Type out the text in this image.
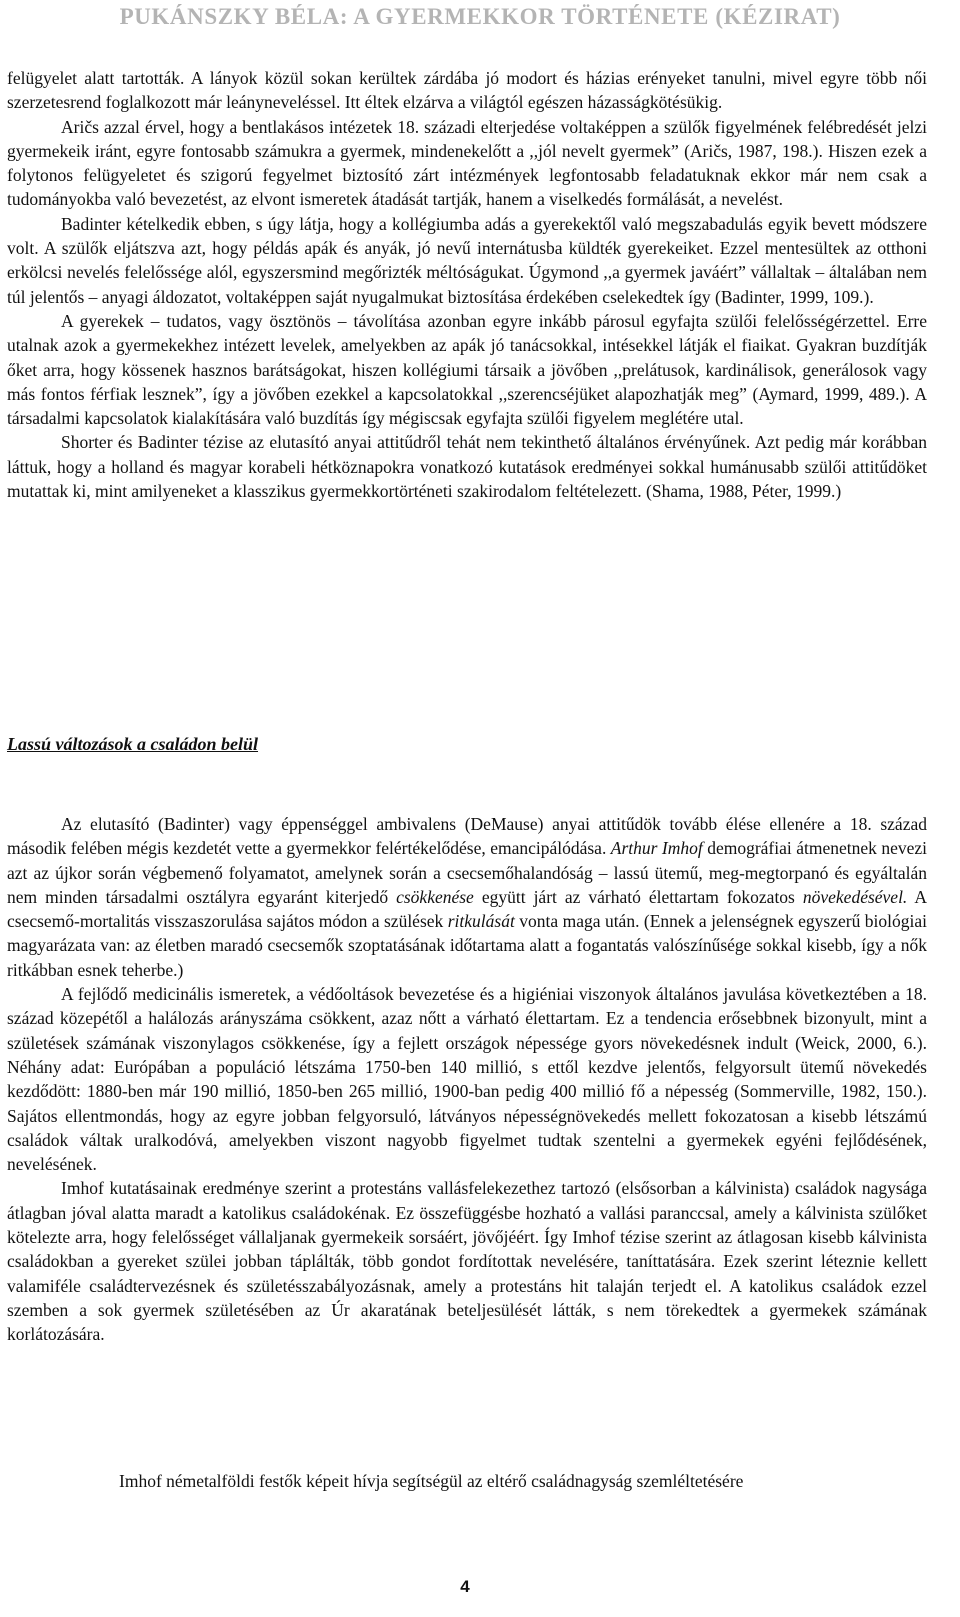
PUKÁNSZKY BÉLA: A GYERMEKKOR TÖRTÉNETE (KÉZIRAT)

felügyelet alatt tartották. A lányok közül sokan kerültek zárdába jó modort és házias erényeket tanulni, mivel egyre több női szerzetesrend foglalkozott már leányneveléssel. Itt éltek elzárva a világtól egészen házasságkötésükig.

Aričs azzal érvel, hogy a bentlakásos intézetek 18. századi elterjedése voltaképpen a szülők figyelmének felébredését jelzi gyermekeik iránt, egyre fontosabb számukra a gyermek, mindenekelőtt a ,,jól nevelt gyermek” (Aričs, 1987, 198.). Hiszen ezek a folytonos felügyeletet és szigorú fegyelmet biztosító zárt intézmények legfontosabb feladatuknak ekkor már nem csak a tudományokba való bevezetést, az elvont ismeretek átadását tartják, hanem a viselkedés formálását, a nevelést.

Badinter kételkedik ebben, s úgy látja, hogy a kollégiumba adás a gyerekektől való megszabadulás egyik bevett módszere volt. A szülők eljátszva azt, hogy példás apák és anyák, jó nevű internátusba küldték gyerekeiket. Ezzel mentesültek az otthoni erkölcsi nevelés felelőssége alól, egyszersmind megőrizték méltóságukat. Úgymond ,,a gyermek javáért” vállaltak – általában nem túl jelentős – anyagi áldozatot, voltaképpen saját nyugalmukat biztosítása érdekében cselekedtek így (Badinter, 1999, 109.).

A gyerekek – tudatos, vagy ösztönös – távolítása azonban egyre inkább párosul egyfajta szülői felelősségérzettel. Erre utalnak azok a gyermekekhez intézett levelek, amelyekben az apák jó tanácsokkal, intésekkel látják el fiaikat. Gyakran buzdítják őket arra, hogy kössenek hasznos barátságokat, hiszen kollégiumi társaik a jövőben ,,prelátusok, kardinálisok, generálosok vagy más fontos férfiak lesznek”, így a jövőben ezekkel a kapcsolatokkal ,,szerencséjüket alapozhatják meg” (Aymard, 1999, 489.). A társadalmi kapcsolatok kialakítására való buzdítás így mégiscsak egyfajta szülői figyelem meglétére utal.

Shorter és Badinter tézise az elutasító anyai attitűdről tehát nem tekinthető általános érvényűnek. Azt pedig már korábban láttuk, hogy a holland és magyar korabeli hétköznapokra vonatkozó kutatások eredményei sokkal humánusabb szülői attitűdöket mutattak ki, mint amilyeneket a klasszikus gyermekkortörténeti szakirodalom feltételezett. (Shama, 1988, Péter, 1999.)

Lassú változások a családon belül

Az elutasító (Badinter) vagy éppenséggel ambivalens (DeMause) anyai attitűdök tovább élése ellenére a 18. század második felében mégis kezdetét vette a gyermekkor felértékelődése, emancipálódása. Arthur Imhof demográfiai átmenetnek nevezi azt az újkor során végbemenő folyamatot, amelynek során a csecsemőhalandóság – lassú ütemű, meg-megtorpanó és egyáltalán nem minden társadalmi osztályra egyaránt kiterjedő csökkenése együtt járt az várható élettartam fokozatos növekedésével. A csecsemő-mortalitás visszaszorulása sajátos módon a szülések ritkulását vonta maga után. (Ennek a jelenségnek egyszerű biológiai magyarázata van: az életben maradó csecsemők szoptatásának időtartama alatt a fogantatás valószínűsége sokkal kisebb, így a nők ritkábban esnek teherbe.)

A fejlődő medicinális ismeretek, a védőoltások bevezetése és a higiéniai viszonyok általános javulása következtében a 18. század közepétől a halálozás arányszáma csökkent, azaz nőtt a várható élettartam. Ez a tendencia erősebbnek bizonyult, mint a születések számának viszonylagos csökkenése, így a fejlett országok népessége gyors növekedésnek indult (Weick, 2000, 6.). Néhány adat: Európában a populáció létszáma 1750-ben 140 millió, s ettől kezdve jelentős, felgyorsult ütemű növekedés kezdődött: 1880-ben már 190 millió, 1850-ben 265 millió, 1900-ban pedig 400 millió fő a népesség (Sommerville, 1982, 150.). Sajátos ellentmondás, hogy az egyre jobban felgyorsuló, látványos népességnövekedés mellett fokozatosan a kisebb létszámú családok váltak uralkodóvá, amelyekben viszont nagyobb figyelmet tudtak szentelni a gyermekek egyéni fejlődésének, nevelésének.

Imhof kutatásainak eredménye szerint a protestáns vallásfelekezethez tartozó (elsősorban a kálvinista) családok nagysága átlagban jóval alatta maradt a katolikus családokénak. Ez összefüggésbe hozható a vallási paranccsal, amely a kálvinista szülőket kötelezte arra, hogy felelősséget vállaljanak gyermekeik sorsáért, jövőjéért. Így Imhof tézise szerint az átlagosan kisebb kálvinista családokban a gyereket szülei jobban táplálták, több gondot fordítottak nevelésére, taníttatására. Ezek szerint léteznie kellett valamiféle családtervezésnek és születésszabályozásnak, amely a protestáns hit talaján terjedt el. A katolikus családok ezzel szemben a sok gyermek születésében az Úr akaratának beteljesülését látták, s nem törekedtek a gyermekek számának korlátozására.

Imhof németalföldi festők képeit hívja segítségül az eltérő családnagyság szemléltetésére
4
